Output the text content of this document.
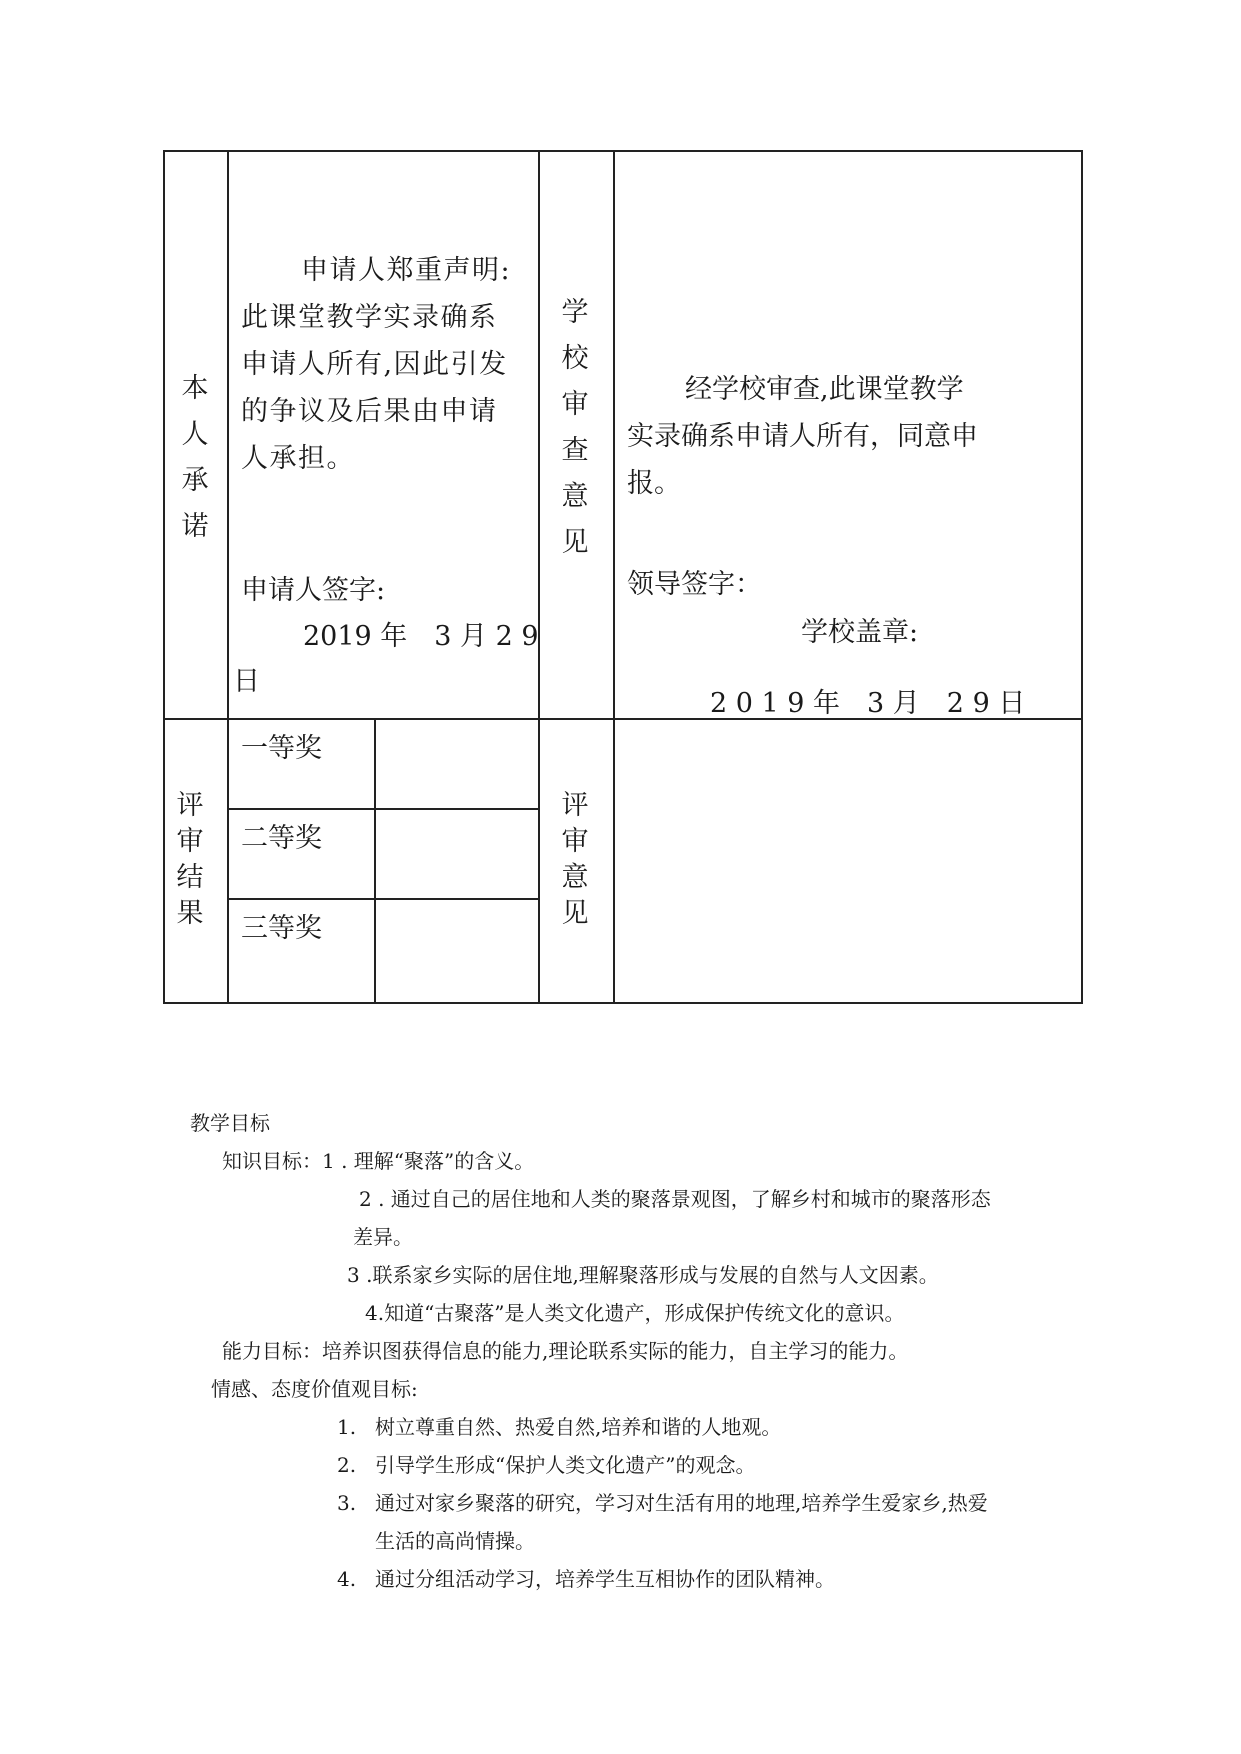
本
人
承
诺
申请人郑重声明:
此课堂教学实录确系
申请人所有,因此引发
的争议及后果由申请
人承担。
申请人签字:
2019 年　3 月 2 9
日
学
校
审
查
意
见
经学校审查,此课堂教学
实录确系申请人所有，同意申
报。
领导签字：
学校盖章:
2 0 1 9 年　3 月　2 9 日
评
审
结
果
一等奖
二等奖
三等奖
评
审
意
见
教学目标
知识目标：1 . 理解“聚落”的含义。
2 . 通过自己的居住地和人类的聚落景观图，了解乡村和城市的聚落形态
差异。
3 .联系家乡实际的居住地,理解聚落形成与发展的自然与人文因素。
4.知道“古聚落”是人类文化遗产，形成保护传统文化的意识。
能力目标：培养识图获得信息的能力,理论联系实际的能力，自主学习的能力。
情感、态度价值观目标:
1. 树立尊重自然、热爱自然,培养和谐的人地观。
2. 引导学生形成“保护人类文化遗产”的观念。
3. 通过对家乡聚落的研究，学习对生活有用的地理,培养学生爱家乡,热爱
生活的高尚情操。
4. 通过分组活动学习，培养学生互相协作的团队精神。
